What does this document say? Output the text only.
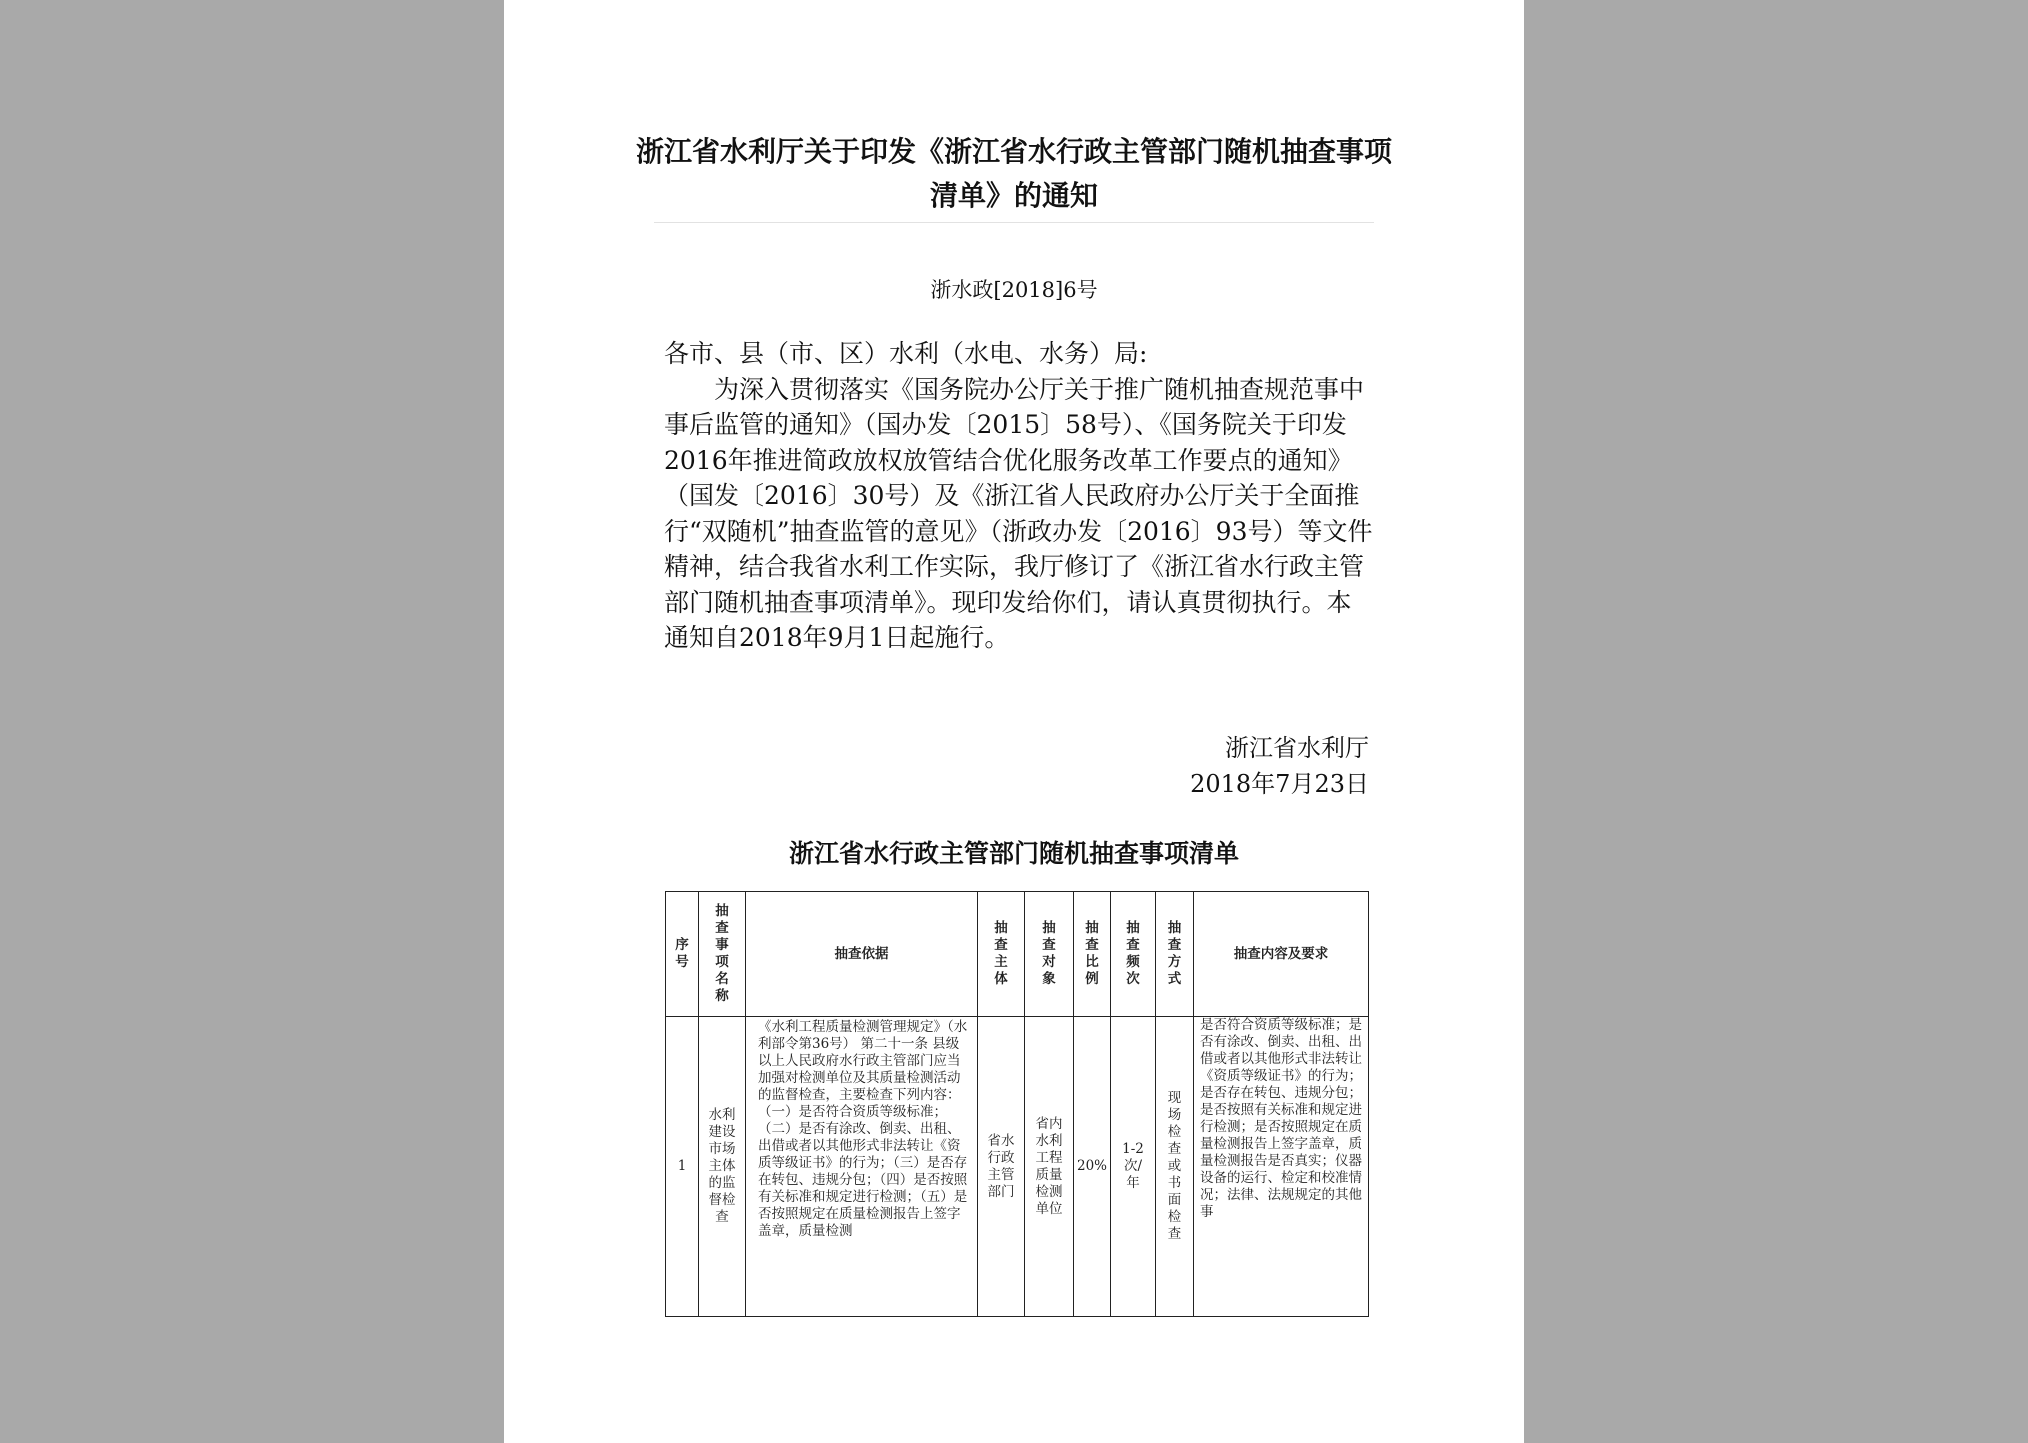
浙江省水利厅关于印发《浙江省水行政主管部门随机抽查事项清单》的通知
浙水政[2018]6号

各市、县（市、区）水利（水电、水务）局:

为深入贯彻落实《国务院办公厅关于推广随机抽查规范事中事后监管的通知》（国办发〔2015〕58号）、《国务院关于印发2016年推进简政放权放管结合优化服务改革工作要点的通知》（国发〔2016〕30号）及《浙江省人民政府办公厅关于全面推行“双随机”抽查监管的意见》（浙政办发〔2016〕93号）等文件精神，结合我省水利工作实际，我厅修订了《浙江省水行政主管部门随机抽查事项清单》。现印发给你们，请认真贯彻执行。本通知自2018年9月1日起施行。

浙江省水利厅
2018年7月23日
浙江省水行政主管部门随机抽查事项清单
序号	抽查事项名称	抽查依据	抽查主体	抽查对象	抽查比例	抽查频次	抽查方式	抽查内容及要求
1	水利建设市场主体的监督检查	《水利工程质量检测管理规定》（水利部令第36号） 第二十一条 县级以上人民政府水行政主管部门应当加强对检测单位及其质量检测活动的监督检查，主要检查下列内容：（一）是否符合资质等级标准；（二）是否有涂改、倒卖、出租、出借或者以其他形式非法转让《资质等级证书》的行为；（三）是否存在转包、违规分包；（四）是否按照有关标准和规定进行检测；（五）是否按照规定在质量检测报告上签字盖章，质量检测	省水行政主管部门	省内水利工程质量检测单位	20%	1-2次/年	现场检查或书面检查	是否符合资质等级标准；是否有涂改、倒卖、出租、出借或者以其他形式非法转让《资质等级证书》的行为；是否存在转包、违规分包；是否按照有关标准和规定进行检测；是否按照规定在质量检测报告上签字盖章，质量检测报告是否真实；仪器设备的运行、检定和校准情况；法律、法规规定的其他事
